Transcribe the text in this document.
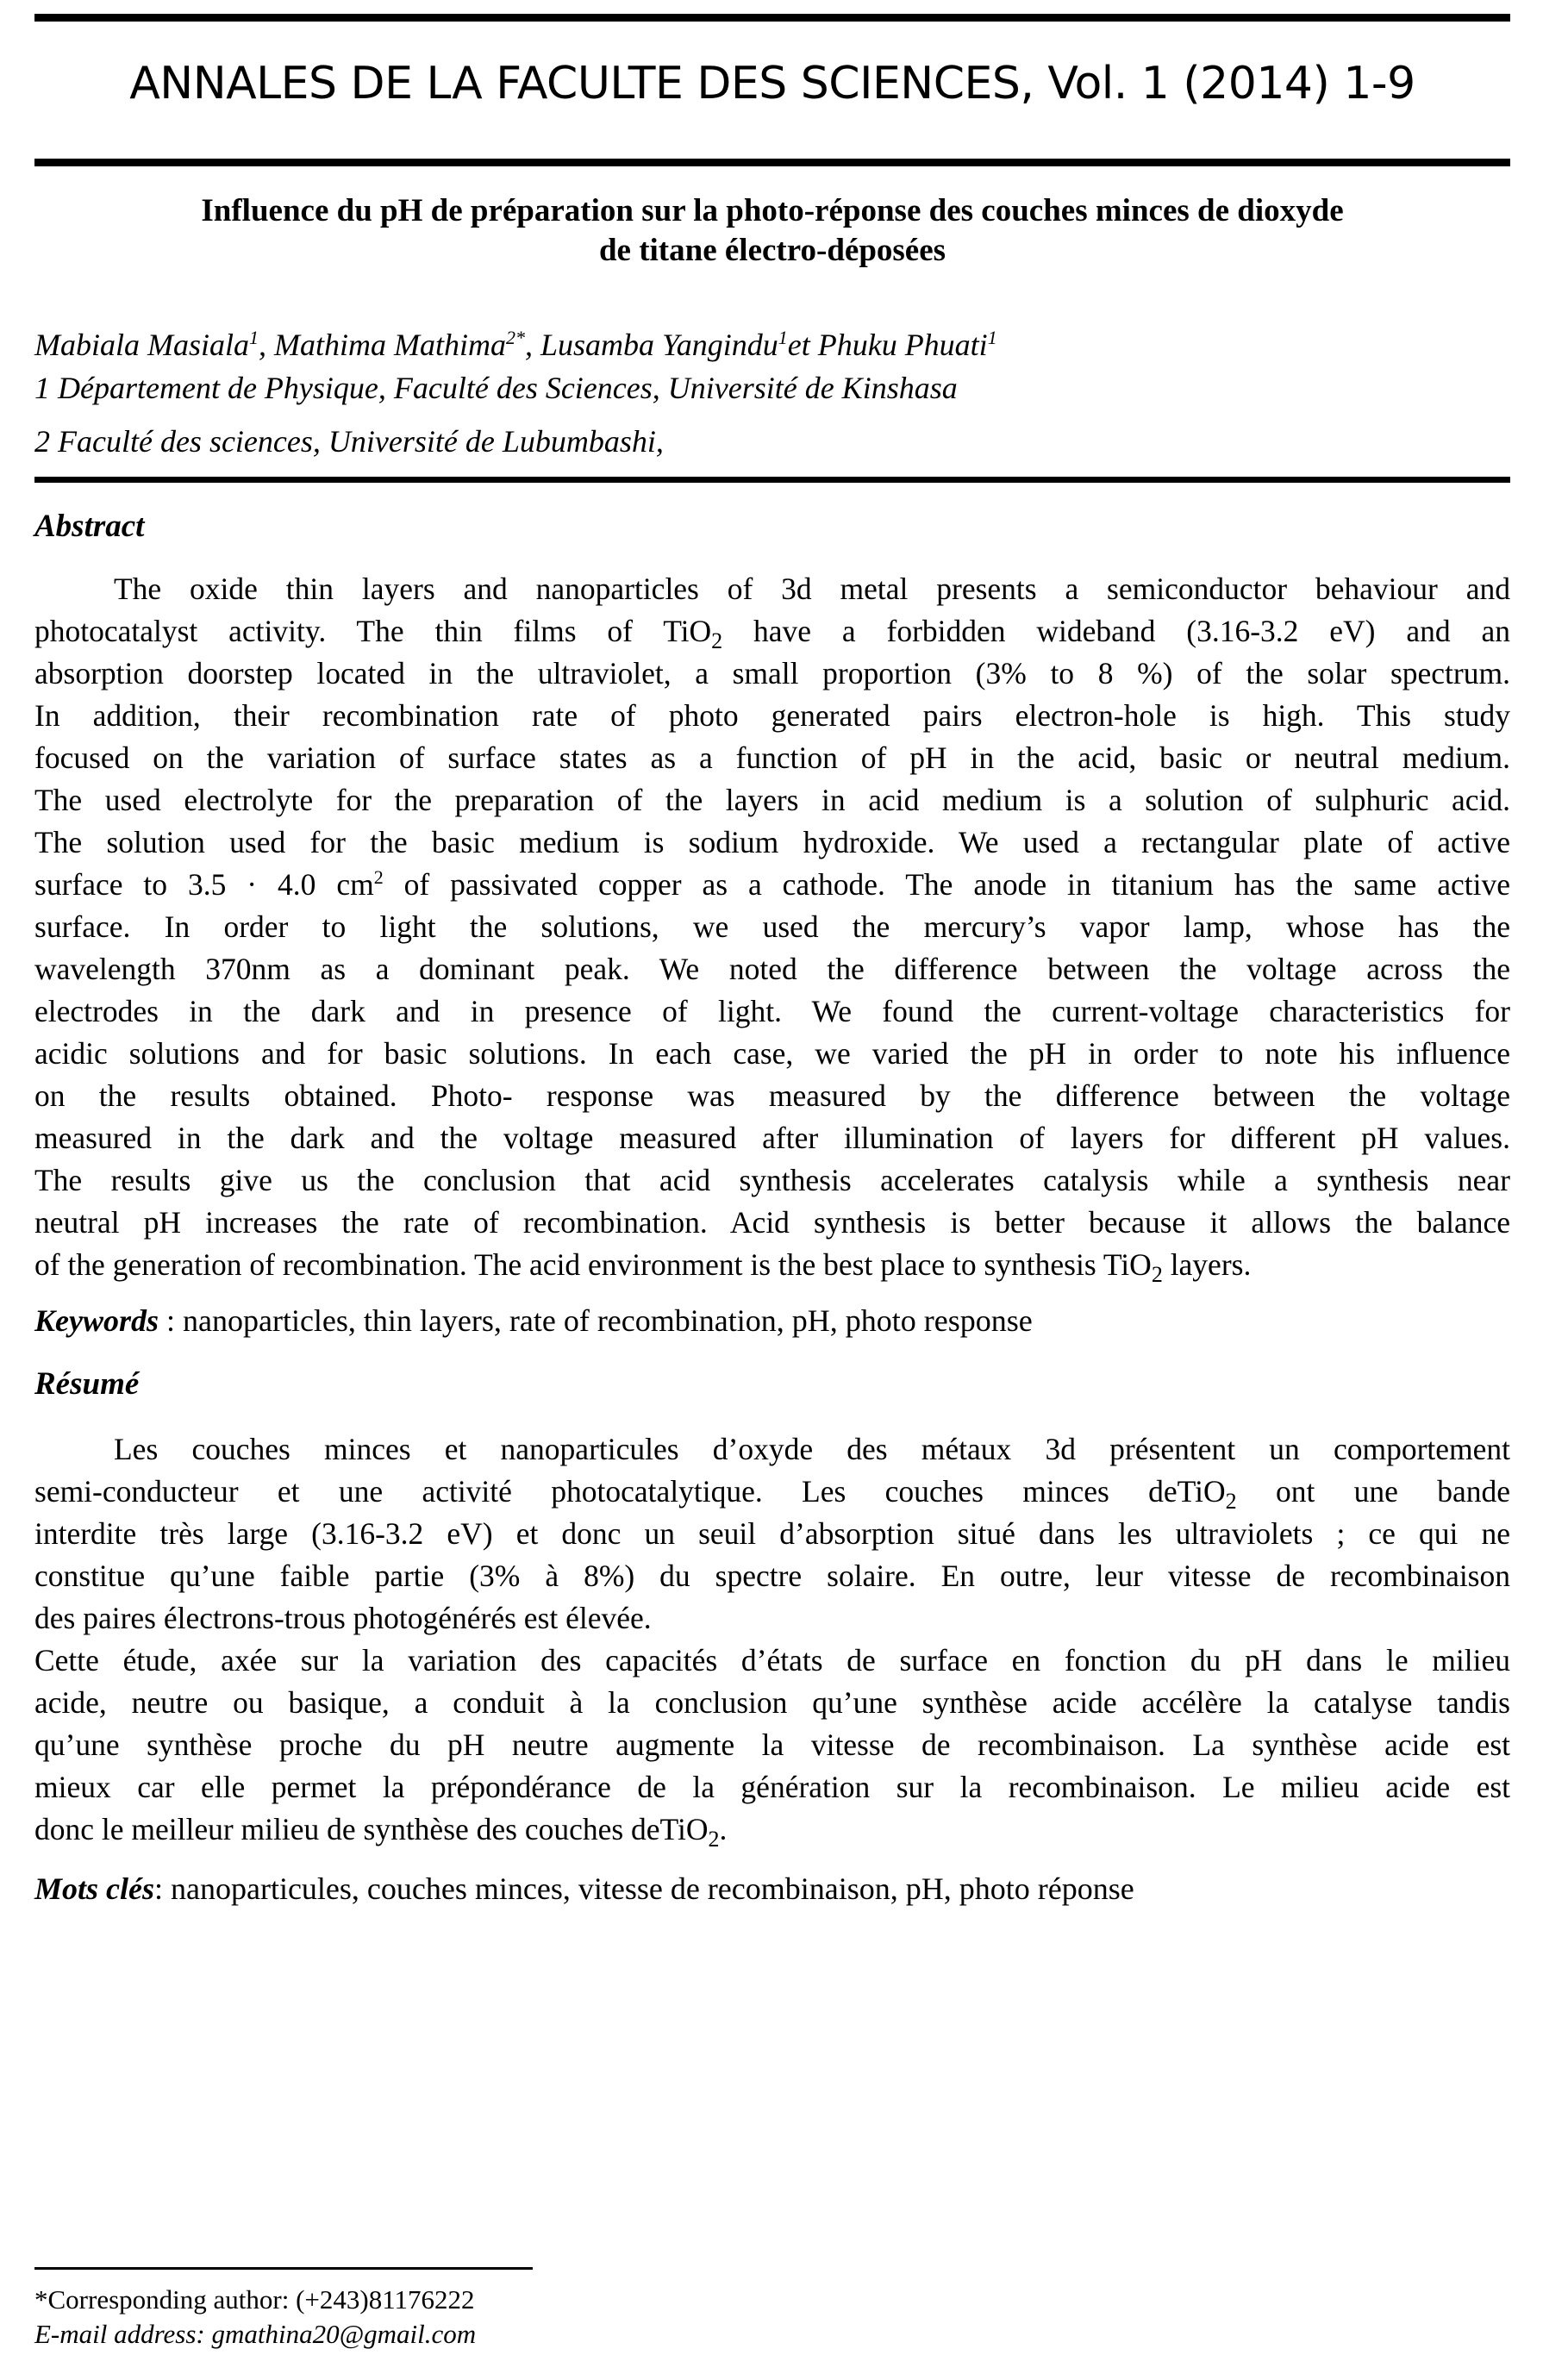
ANNALES DE LA FACULTE DES SCIENCES, Vol. 1 (2014) 1-9
Influence du pH de préparation sur la photo-réponse des couches minces de dioxyde
de titane électro-déposées
Mabiala Masiala$^1$, Mathima Mathima$^{2*}$, Lusamba Yangindu$^1$et Phuku Phuati$^1$
1 Département de Physique, Faculté des Sciences, Université de Kinshasa
2 Faculté des sciences, Université de Lubumbashi,
Abstract
The oxide thin layers and nanoparticles of 3d metal presents a semiconductor behaviour and
photocatalyst activity. The thin films of TiO$_2$ have a forbidden wideband (3.16-3.2 eV) and an
absorption doorstep located in the ultraviolet, a small proportion (3% to 8 %) of the solar spectrum.
In addition, their recombination rate of photo generated pairs electron-hole is high. This study
focused on the variation of surface states as a function of pH in the acid, basic or neutral medium.
The used electrolyte for the preparation of the layers in acid medium is a solution of sulphuric acid.
The solution used for the basic medium is sodium hydroxide. We used a rectangular plate of active
surface to 3.5 · 4.0 $cm^2$ of passivated copper as a cathode. The anode in titanium has the same active
surface. In order to light the solutions, we used the mercury’s vapor lamp, whose has the
wavelength 370nm as a dominant peak. We noted the difference between the voltage across the
electrodes in the dark and in presence of light. We found the current-voltage characteristics for
acidic solutions and for basic solutions. In each case, we varied the pH in order to note his influence
on the results obtained. Photo- response was measured by the difference between the voltage
measured in the dark and the voltage measured after illumination of layers for different pH values.
The results give us the conclusion that acid synthesis accelerates catalysis while a synthesis near
neutral pH increases the rate of recombination. Acid synthesis is better because it allows the balance
of the generation of recombination. The acid environment is the best place to synthesis TiO$_2$ layers.
Keywords : nanoparticles, thin layers, rate of recombination, pH, photo response
Résumé
Les couches minces et nanoparticules d’oxyde des métaux 3d présentent un comportement
semi-conducteur et une activité photocatalytique. Les couches minces deTiO$_2$ ont une bande
interdite très large (3.16-3.2 eV) et donc un seuil d’absorption situé dans les ultraviolets ; ce qui ne
constitue qu’une faible partie (3% à 8%) du spectre solaire. En outre, leur vitesse de recombinaison
des paires électrons-trous photogénérés est élevée.
Cette étude, axée sur la variation des capacités d’états de surface en fonction du pH dans le milieu
acide, neutre ou basique, a conduit à la conclusion qu’une synthèse acide accélère la catalyse tandis
qu’une synthèse proche du pH neutre augmente la vitesse de recombinaison. La synthèse acide est
mieux car elle permet la prépondérance de la génération sur la recombinaison. Le milieu acide est
donc le meilleur milieu de synthèse des couches deTiO$_2$.
Mots clés: nanoparticules, couches minces, vitesse de recombinaison, pH, photo réponse
*Corresponding author: (+243)81176222
E-mail address: gmathina20@gmail.com
